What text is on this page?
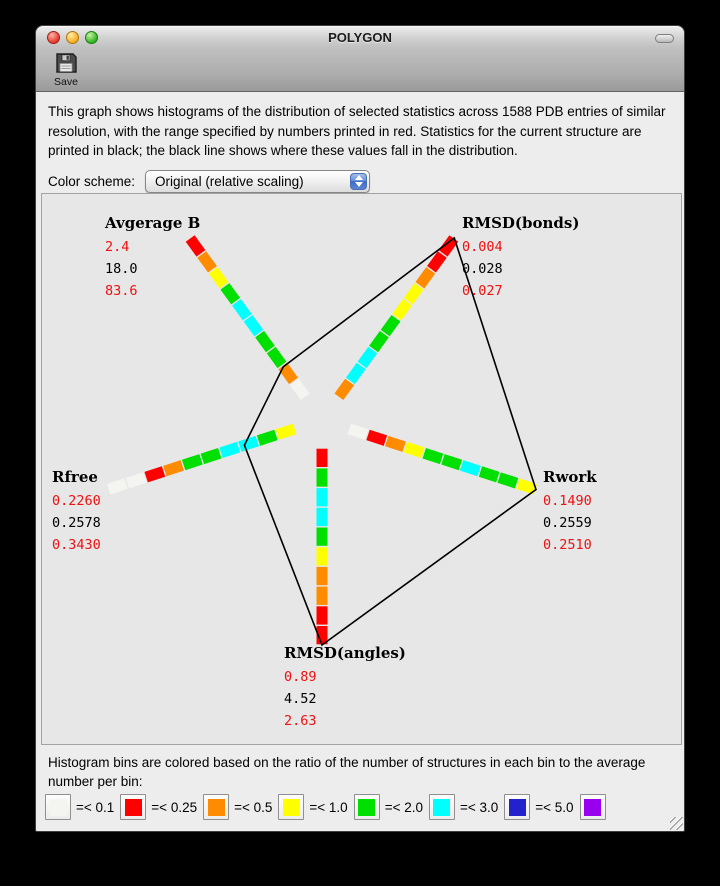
POLYGON
Save

This graph shows histograms of the distribution of selected statistics across 1588 PDB entries of similar resolution, with the range specified by numbers printed in red. Statistics for the current structure are printed in black; the black line shows where these values fall in the distribution.

Color scheme: Original (relative scaling)
Avgerage B
2.4
18.0
83.6
RMSD(bonds)
0.004
0.028
0.027
Rwork
0.1490
0.2559
0.2510
RMSD(angles)
0.89
4.52
2.63
Rfree
0.2260
0.2578
0.3430

Histogram bins are colored based on the ratio of the number of structures in each bin to the average number per bin:

=< 0.1	=< 0.25	=< 0.5	=< 1.0	=< 2.0	=< 3.0	=< 5.0
